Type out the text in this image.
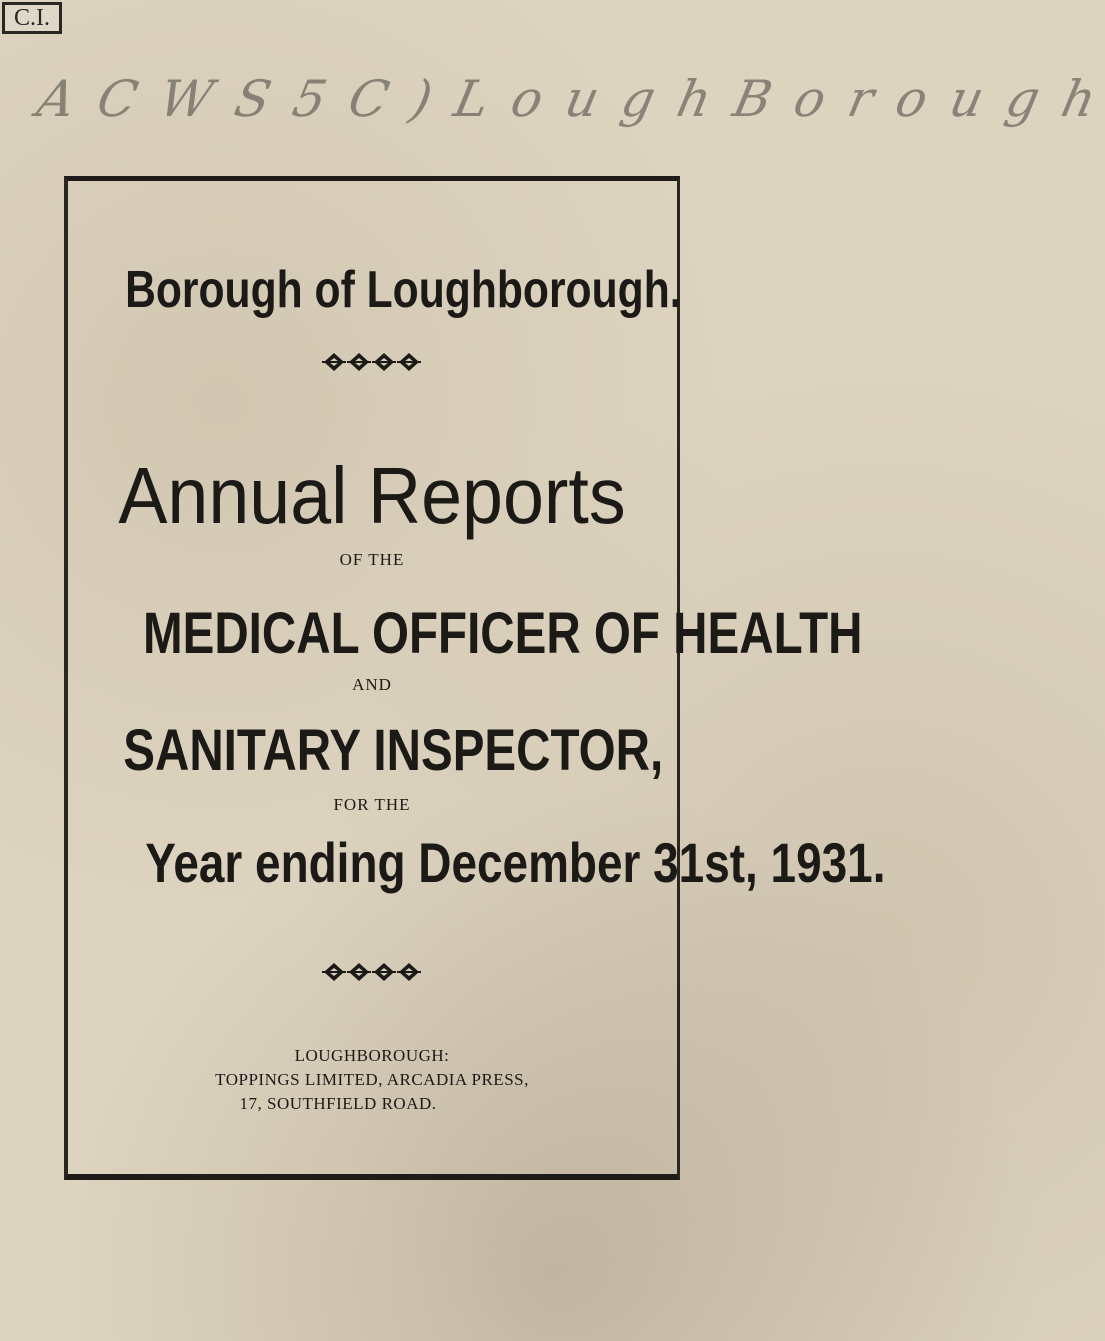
C.I.
A C W S 5 C ) L o u g h B o r o u g h

Borough of Loughborough.

Annual Reports

OF THE

MEDICAL OFFICER OF HEALTH

AND

SANITARY INSPECTOR,

FOR THE

Year ending December 31st, 1931.

LOUGHBOROUGH:

TOPPINGS LIMITED, ARCADIA PRESS,

17, SOUTHFIELD ROAD.
